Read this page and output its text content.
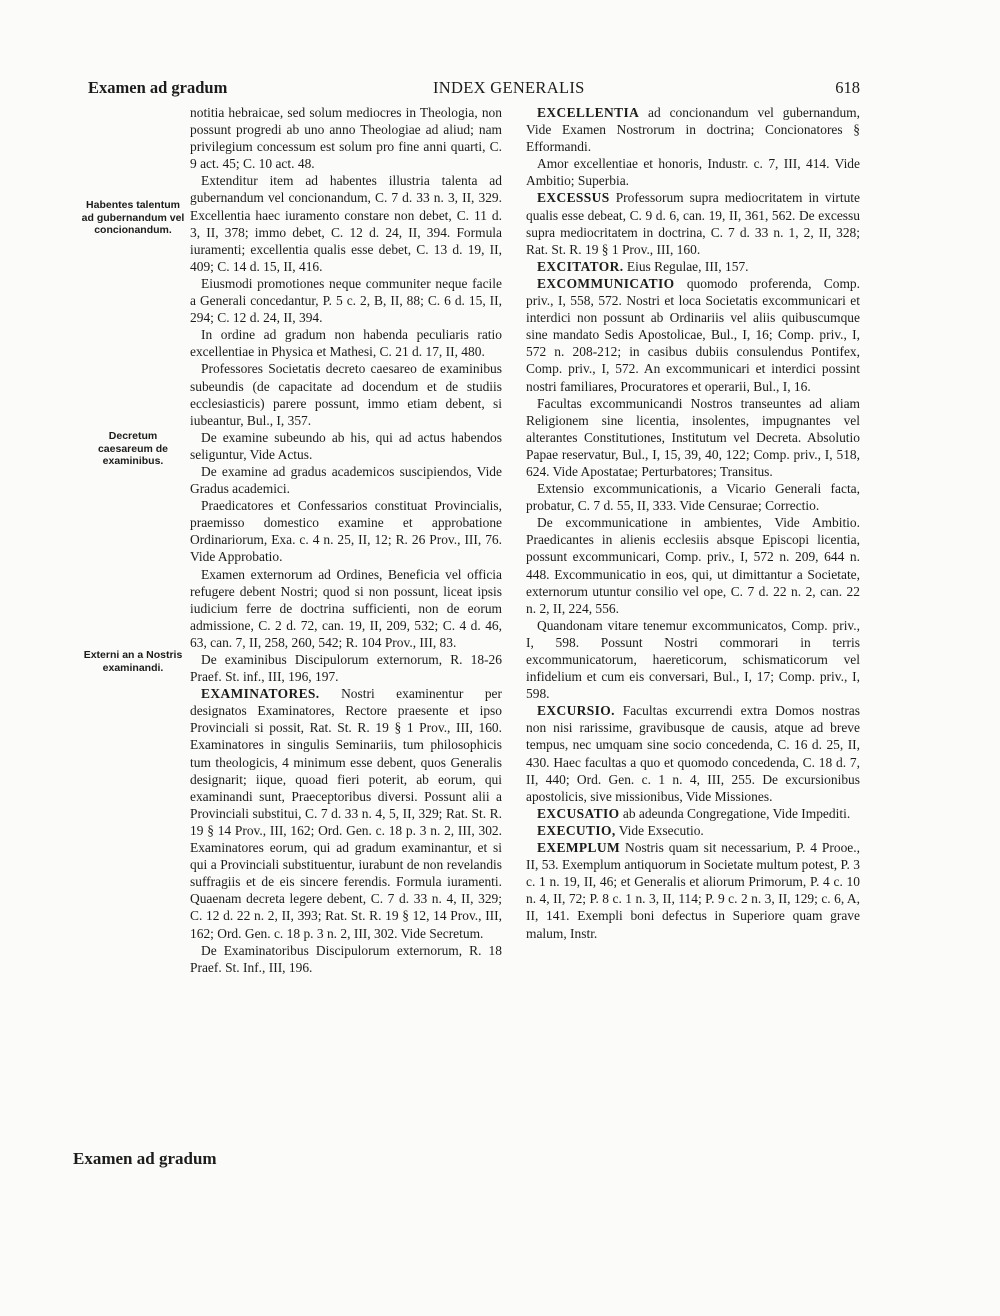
Examen ad gradum	INDEX GENERALIS	618
Habentes talentum ad gubernandum vel concionandum.
Decretum caesareum de examinibus.
Externi an a Nostris examinandi.

notitia hebraicae, sed solum mediocres in Theologia, non possunt progredi ab uno anno Theologiae ad aliud; nam privilegium concessum est solum pro fine anni quarti, C. 9 act. 45; C. 10 act. 48.

Extenditur item ad habentes illustria talenta ad gubernandum vel concionandum, C. 7 d. 33 n. 3, II, 329. Excellentia haec iuramento constare non debet, C. 11 d. 3, II, 378; immo debet, C. 12 d. 24, II, 394. Formula iuramenti; excellentia qualis esse debet, C. 13 d. 19, II, 409; C. 14 d. 15, II, 416.

Eiusmodi promotiones neque communiter neque facile a Generali concedantur, P. 5 c. 2, B, II, 88; C. 6 d. 15, II, 294; C. 12 d. 24, II, 394.

In ordine ad gradum non habenda peculiaris ratio excellentiae in Physica et Mathesi, C. 21 d. 17, II, 480.

Professores Societatis decreto caesareo de examinibus subeundis (de capacitate ad docendum et de studiis ecclesiasticis) parere possunt, immo etiam debent, si iubeantur, Bul., I, 357.

De examine subeundo ab his, qui ad actus habendos seliguntur, Vide Actus.

De examine ad gradus academicos suscipiendos, Vide Gradus academici.

Praedicatores et Confessarios constituat Provincialis, praemisso domestico examine et approbatione Ordinariorum, Exa. c. 4 n. 25, II, 12; R. 26 Prov., III, 76. Vide Approbatio.

Examen externorum ad Ordines, Beneficia vel officia refugere debent Nostri; quod si non possunt, liceat ipsis iudicium ferre de doctrina sufficienti, non de eorum admissione, C. 2 d. 72, can. 19, II, 209, 532; C. 4 d. 46, 63, can. 7, II, 258, 260, 542; R. 104 Prov., III, 83.

De examinibus Discipulorum externorum, R. 18-26 Praef. St. inf., III, 196, 197.

EXAMINATORES. Nostri examinentur per designatos Examinatores, Rectore praesente et ipso Provinciali si possit, Rat. St. R. 19 § 1 Prov., III, 160. Examinatores in singulis Seminariis, tum philosophicis tum theologicis, 4 minimum esse debent, quos Generalis designarit; iique, quoad fieri poterit, ab eorum, qui examinandi sunt, Praeceptoribus diversi. Possunt alii a Provinciali substitui, C. 7 d. 33 n. 4, 5, II, 329; Rat. St. R. 19 § 14 Prov., III, 162; Ord. Gen. c. 18 p. 3 n. 2, III, 302. Examinatores eorum, qui ad gradum examinantur, et si qui a Provinciali substituentur, iurabunt de non revelandis suffragiis et de eis sincere ferendis. Formula iuramenti. Quaenam decreta legere debent, C. 7 d. 33 n. 4, II, 329; C. 12 d. 22 n. 2, II, 393; Rat. St. R. 19 § 12, 14 Prov., III, 162; Ord. Gen. c. 18 p. 3 n. 2, III, 302. Vide Secretum.

De Examinatoribus Discipulorum externorum, R. 18 Praef. St. Inf., III, 196.

EXCELLENTIA ad concionandum vel gubernandum, Vide Examen Nostrorum in doctrina; Concionatores § Efformandi.

Amor excellentiae et honoris, Industr. c. 7, III, 414. Vide Ambitio; Superbia.

EXCESSUS Professorum supra mediocritatem in virtute qualis esse debeat, C. 9 d. 6, can. 19, II, 361, 562. De excessu supra mediocritatem in doctrina, C. 7 d. 33 n. 1, 2, II, 328; Rat. St. R. 19 § 1 Prov., III, 160.

EXCITATOR. Eius Regulae, III, 157.

EXCOMMUNICATIO quomodo proferenda, Comp. priv., I, 558, 572. Nostri et loca Societatis excommunicari et interdici non possunt ab Ordinariis vel aliis quibuscumque sine mandato Sedis Apostolicae, Bul., I, 16; Comp. priv., I, 572 n. 208-212; in casibus dubiis consulendus Pontifex, Comp. priv., I, 572. An excommunicari et interdici possint nostri familiares, Procuratores et operarii, Bul., I, 16.

Facultas excommunicandi Nostros transeuntes ad aliam Religionem sine licentia, insolentes, impugnantes vel alterantes Constitutiones, Institutum vel Decreta. Absolutio Papae reservatur, Bul., I, 15, 39, 40, 122; Comp. priv., I, 518, 624. Vide Apostatae; Perturbatores; Transitus.

Extensio excommunicationis, a Vicario Generali facta, probatur, C. 7 d. 55, II, 333. Vide Censurae; Correctio.

De excommunicatione in ambientes, Vide Ambitio. Praedicantes in alienis ecclesiis absque Episcopi licentia, possunt excommunicari, Comp. priv., I, 572 n. 209, 644 n. 448. Excommunicatio in eos, qui, ut dimittantur a Societate, externorum utuntur consilio vel ope, C. 7 d. 22 n. 2, can. 22 n. 2, II, 224, 556.

Quandonam vitare tenemur excommunicatos, Comp. priv., I, 598. Possunt Nostri commorari in terris excommunicatorum, haereticorum, schismaticorum vel infidelium et cum eis conversari, Bul., I, 17; Comp. priv., I, 598.

EXCURSIO. Facultas excurrendi extra Domos nostras non nisi rarissime, gravibusque de causis, atque ad breve tempus, nec umquam sine socio concedenda, C. 16 d. 25, II, 430. Haec facultas a quo et quomodo concedenda, C. 18 d. 7, II, 440; Ord. Gen. c. 1 n. 4, III, 255. De excursionibus apostolicis, sive missionibus, Vide Missiones.

EXCUSATIO ab adeunda Congregatione, Vide Impediti.

EXECUTIO, Vide Exsecutio.

EXEMPLUM Nostris quam sit necessarium, P. 4 Prooe., II, 53. Exemplum antiquorum in Societate multum potest, P. 3 c. 1 n. 19, II, 46; et Generalis et aliorum Primorum, P. 4 c. 10 n. 4, II, 72; P. 8 c. 1 n. 3, II, 114; P. 9 c. 2 n. 3, II, 129; c. 6, A, II, 141. Exempli boni defectus in Superiore quam grave malum, Instr.

Examen ad gradum
